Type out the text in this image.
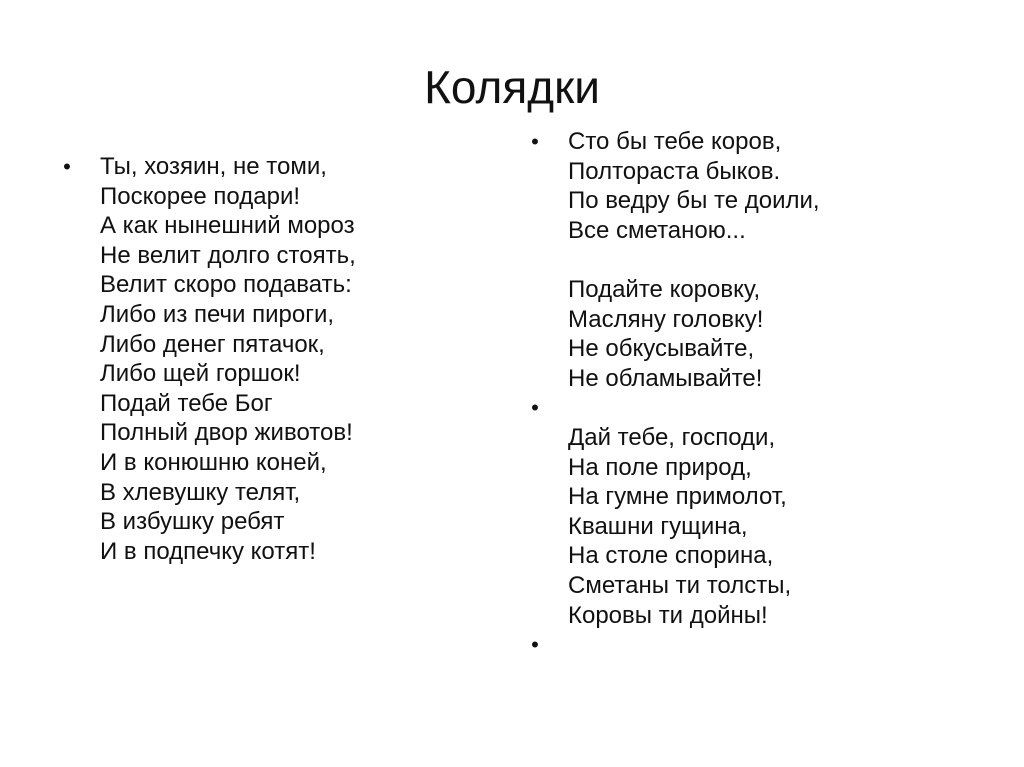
Колядки
• Ты, хозяин, не томи,
Поскорее подари!
А как нынешний мороз
Не велит долго стоять,
Велит скоро подавать:
Либо из печи пироги,
Либо денег пятачок,
Либо щей горшок!
Подай тебе Бог
Полный двор животов!
И в конюшню коней,
В хлевушку телят,
В избушку ребят
И в подпечку котят!
• Сто бы тебе коров,
Полтораста быков.
По ведру бы те доили,
Все сметаною...
Подайте коровку,
Масляну головку!
Не обкусывайте,
Не обламывайте!
•
Дай тебе, господи,
На поле природ,
На гумне примолот,
Квашни гущина,
На столе спорина,
Сметаны ти толсты,
Коровы ти дойны!
•
